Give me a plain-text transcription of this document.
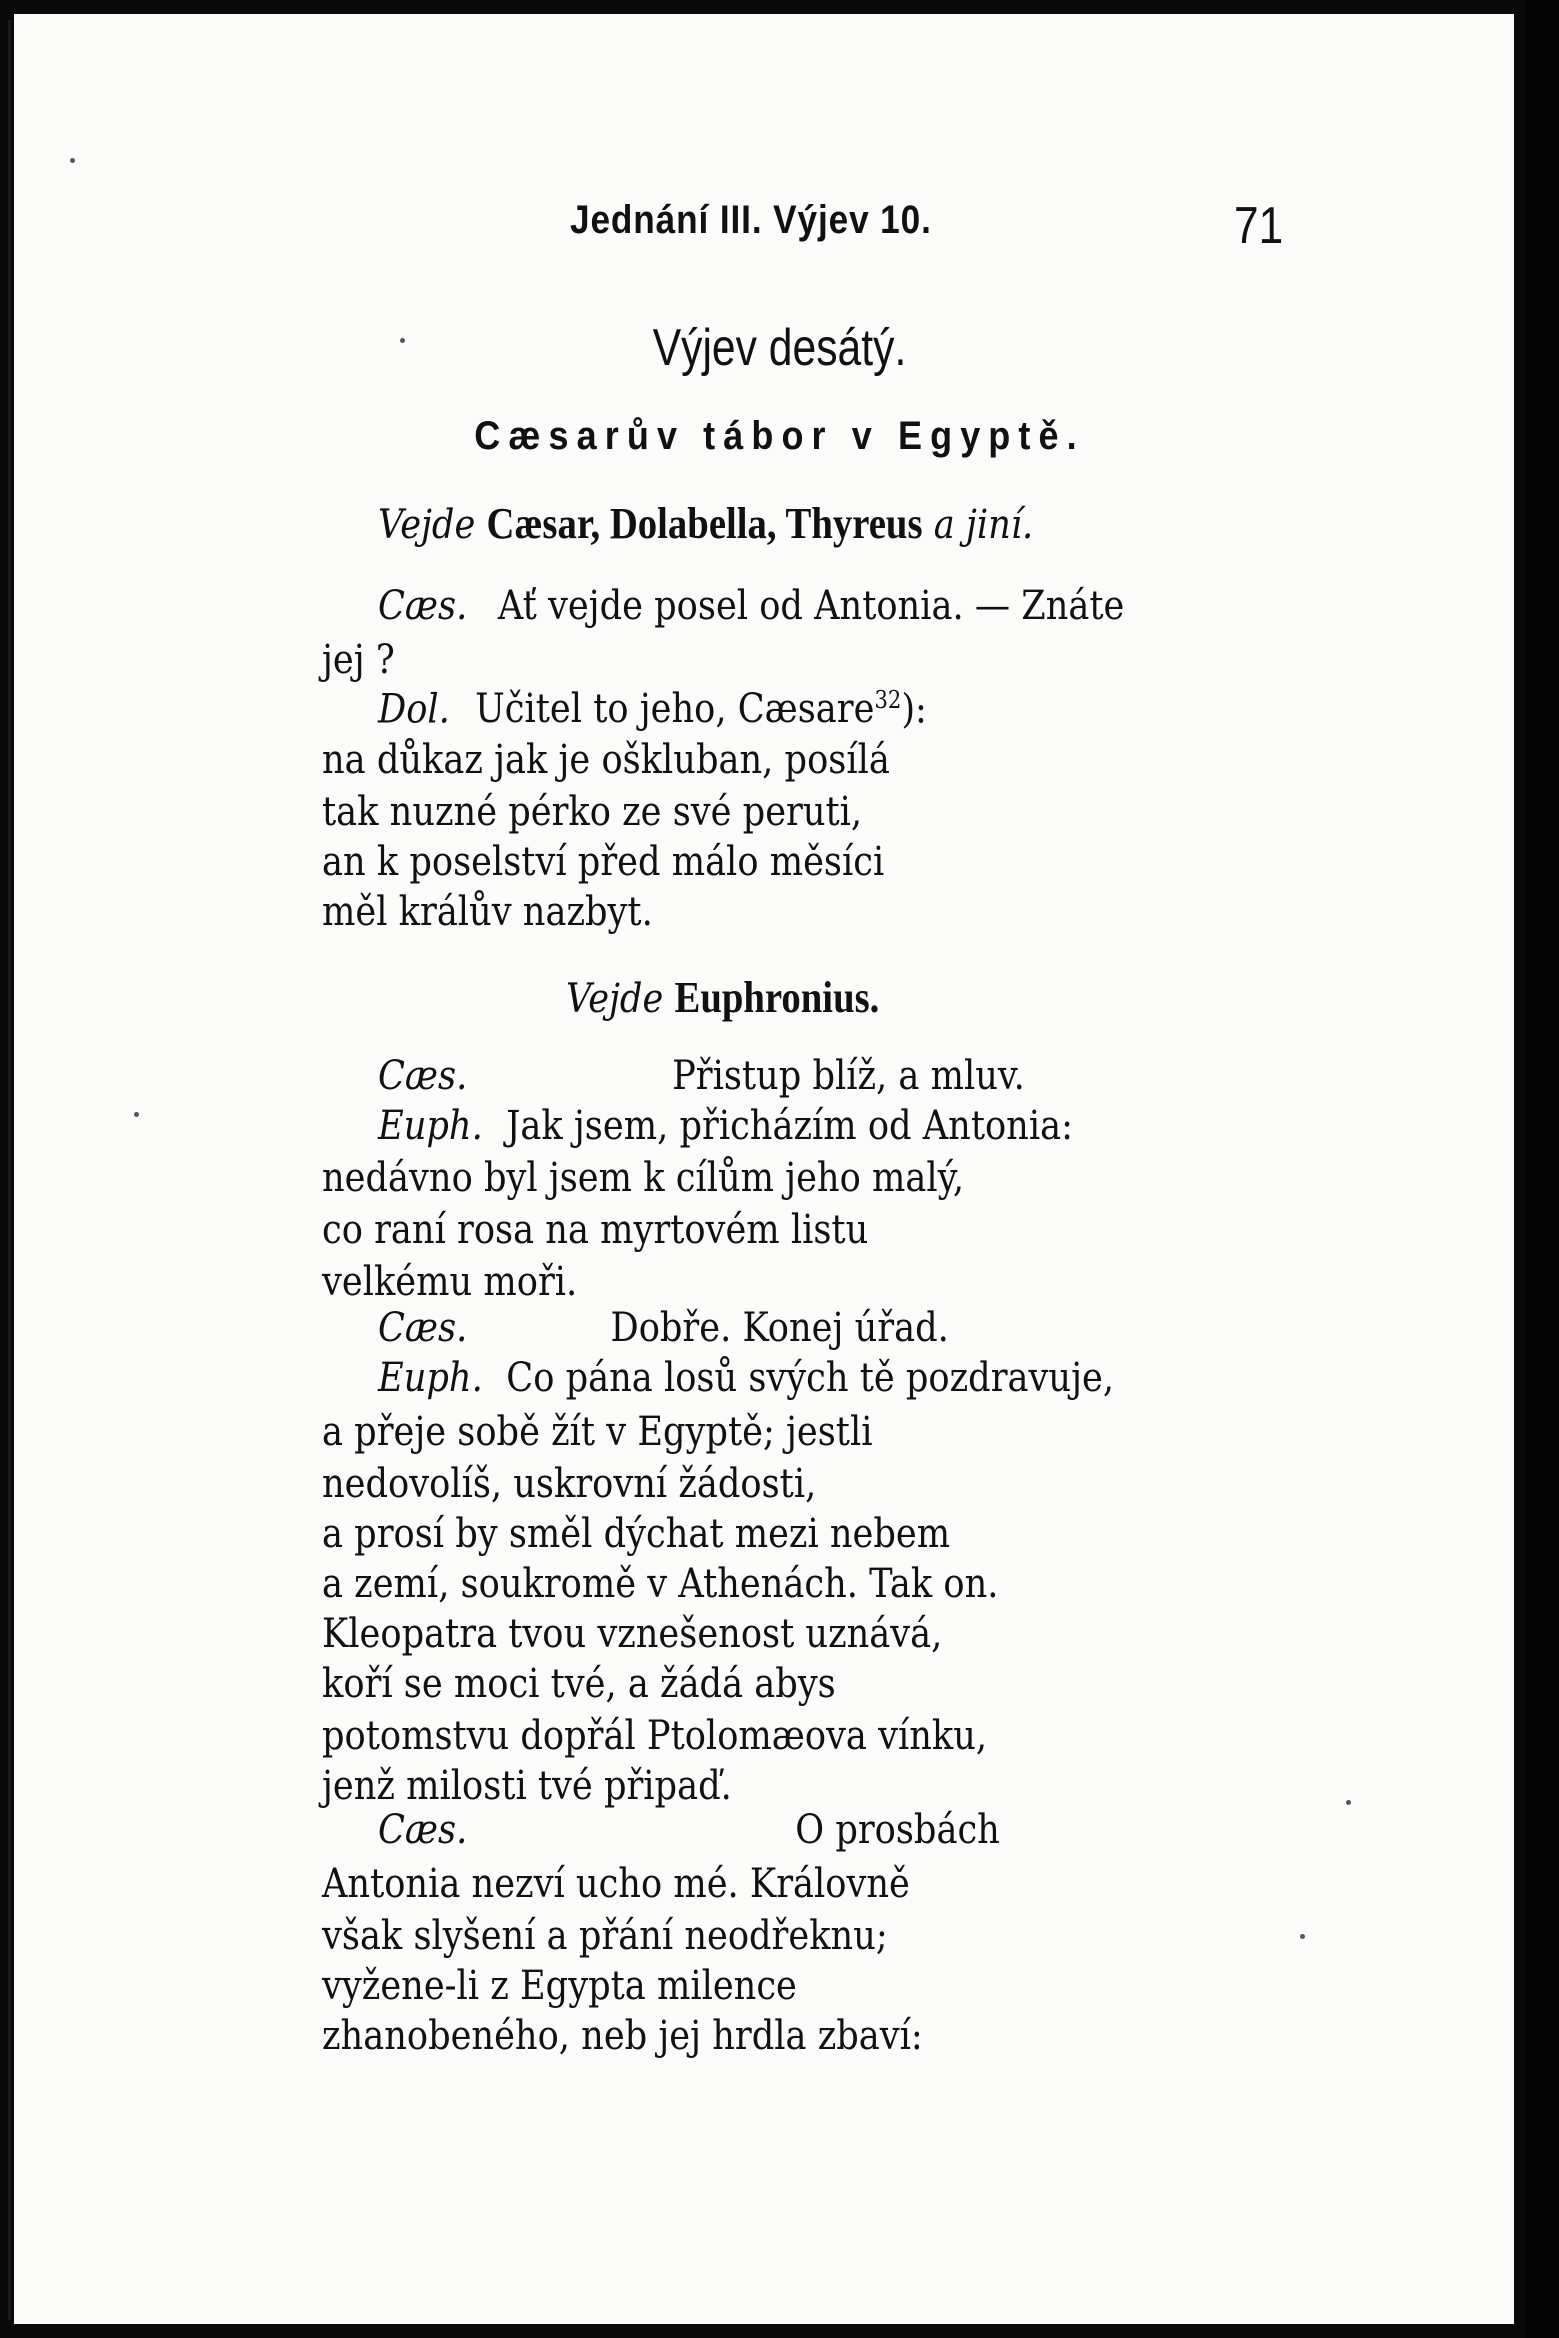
Jednání III. Výjev 10.	71
Výjev desátý.
Cæsarův tábor v Egyptě.
Vejde Cæsar, Dolabella, Thyreus a jiní.
Cæs. Ať vejde posel od Antonia. — Znáte
jej ?
Dol. Učitel to jeho, Cæsare$^{32}$):
na důkaz jak je oškluban, posílá
tak nuzné pérko ze své peruti,
an k poselství před málo měsíci
měl králův nazbyt.
Vejde Euphronius.
Cæs.	Přistup blíž, a mluv.
Euph. Jak jsem, přicházím od Antonia:
nedávno byl jsem k cílům jeho malý,
co raní rosa na myrtovém listu
velkému moři.
Cæs.	Dobře. Konej úřad.
Euph. Co pána losů svých tě pozdravuje,
a přeje sobě žít v Egyptě; jestli
nedovolíš, uskrovní žádosti,
a prosí by směl dýchat mezi nebem
a zemí, soukromě v Athenách. Tak on.
Kleopatra tvou vznešenost uznává,
koří se moci tvé, a žádá abys
potomstvu dopřál Ptolomæova vínku,
jenž milosti tvé připaď.
Cæs.	O prosbách
Antonia nezví ucho mé. Královně
však slyšení a přání neodřeknu;
vyžene-li z Egypta milence
zhanobeného, neb jej hrdla zbaví:
